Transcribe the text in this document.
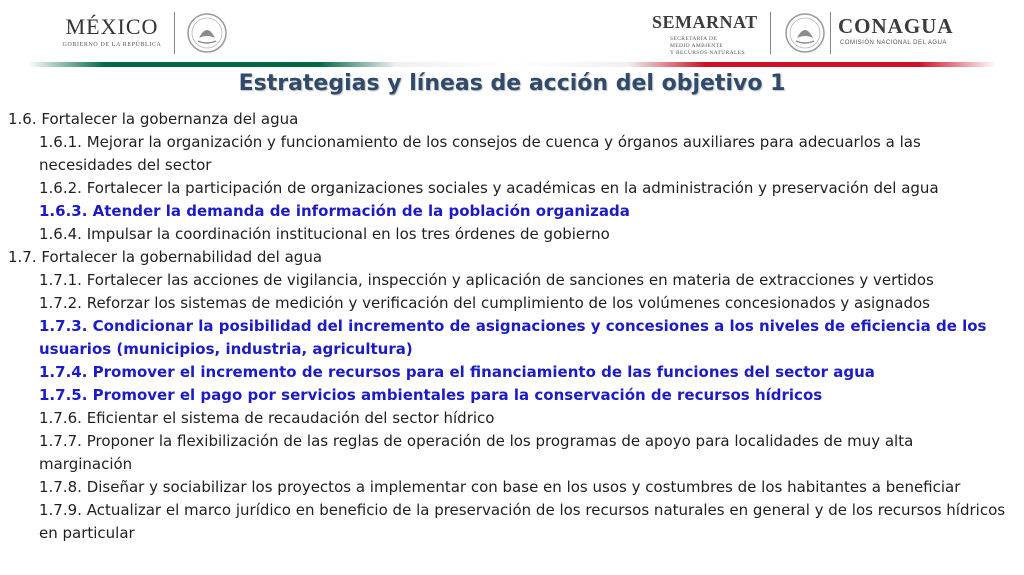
MÉXICO
GOBIERNO DE LA REPÚBLICA
SEMARNAT
SECRETARÍA DE
MEDIO AMBIENTE
Y RECURSOS NATURALES
CONAGUA
COMISIÓN NACIONAL DEL AGUA
Estrategias y líneas de acción del objetivo 1
1.6. Fortalecer la gobernanza del agua
1.6.1. Mejorar la organización y funcionamiento de los consejos de cuenca y órganos auxiliares para adecuarlos a las necesidades del sector
1.6.2. Fortalecer la participación de organizaciones sociales y académicas en la administración y preservación del agua
1.6.3. Atender la demanda de información de la población organizada
1.6.4. Impulsar la coordinación institucional en los tres órdenes de gobierno
1.7. Fortalecer la gobernabilidad del agua
1.7.1. Fortalecer las acciones de vigilancia, inspección y aplicación de sanciones en materia de extracciones y vertidos
1.7.2. Reforzar los sistemas de medición y verificación del cumplimiento de los volúmenes concesionados y asignados
1.7.3. Condicionar la posibilidad del incremento de asignaciones y concesiones a los niveles de eficiencia de los usuarios (municipios, industria, agricultura)
1.7.4. Promover el incremento de recursos para el financiamiento de las funciones del sector agua
1.7.5. Promover el pago por servicios ambientales para la conservación de recursos hídricos
1.7.6. Eficientar el sistema de recaudación del sector hídrico
1.7.7. Proponer la flexibilización de las reglas de operación de los programas de apoyo para localidades de muy alta marginación
1.7.8. Diseñar y sociabilizar los proyectos a implementar con base en los usos y costumbres de los habitantes a beneficiar
1.7.9. Actualizar el marco jurídico en beneficio de la preservación de los recursos naturales en general y de los recursos hídricos en particular
